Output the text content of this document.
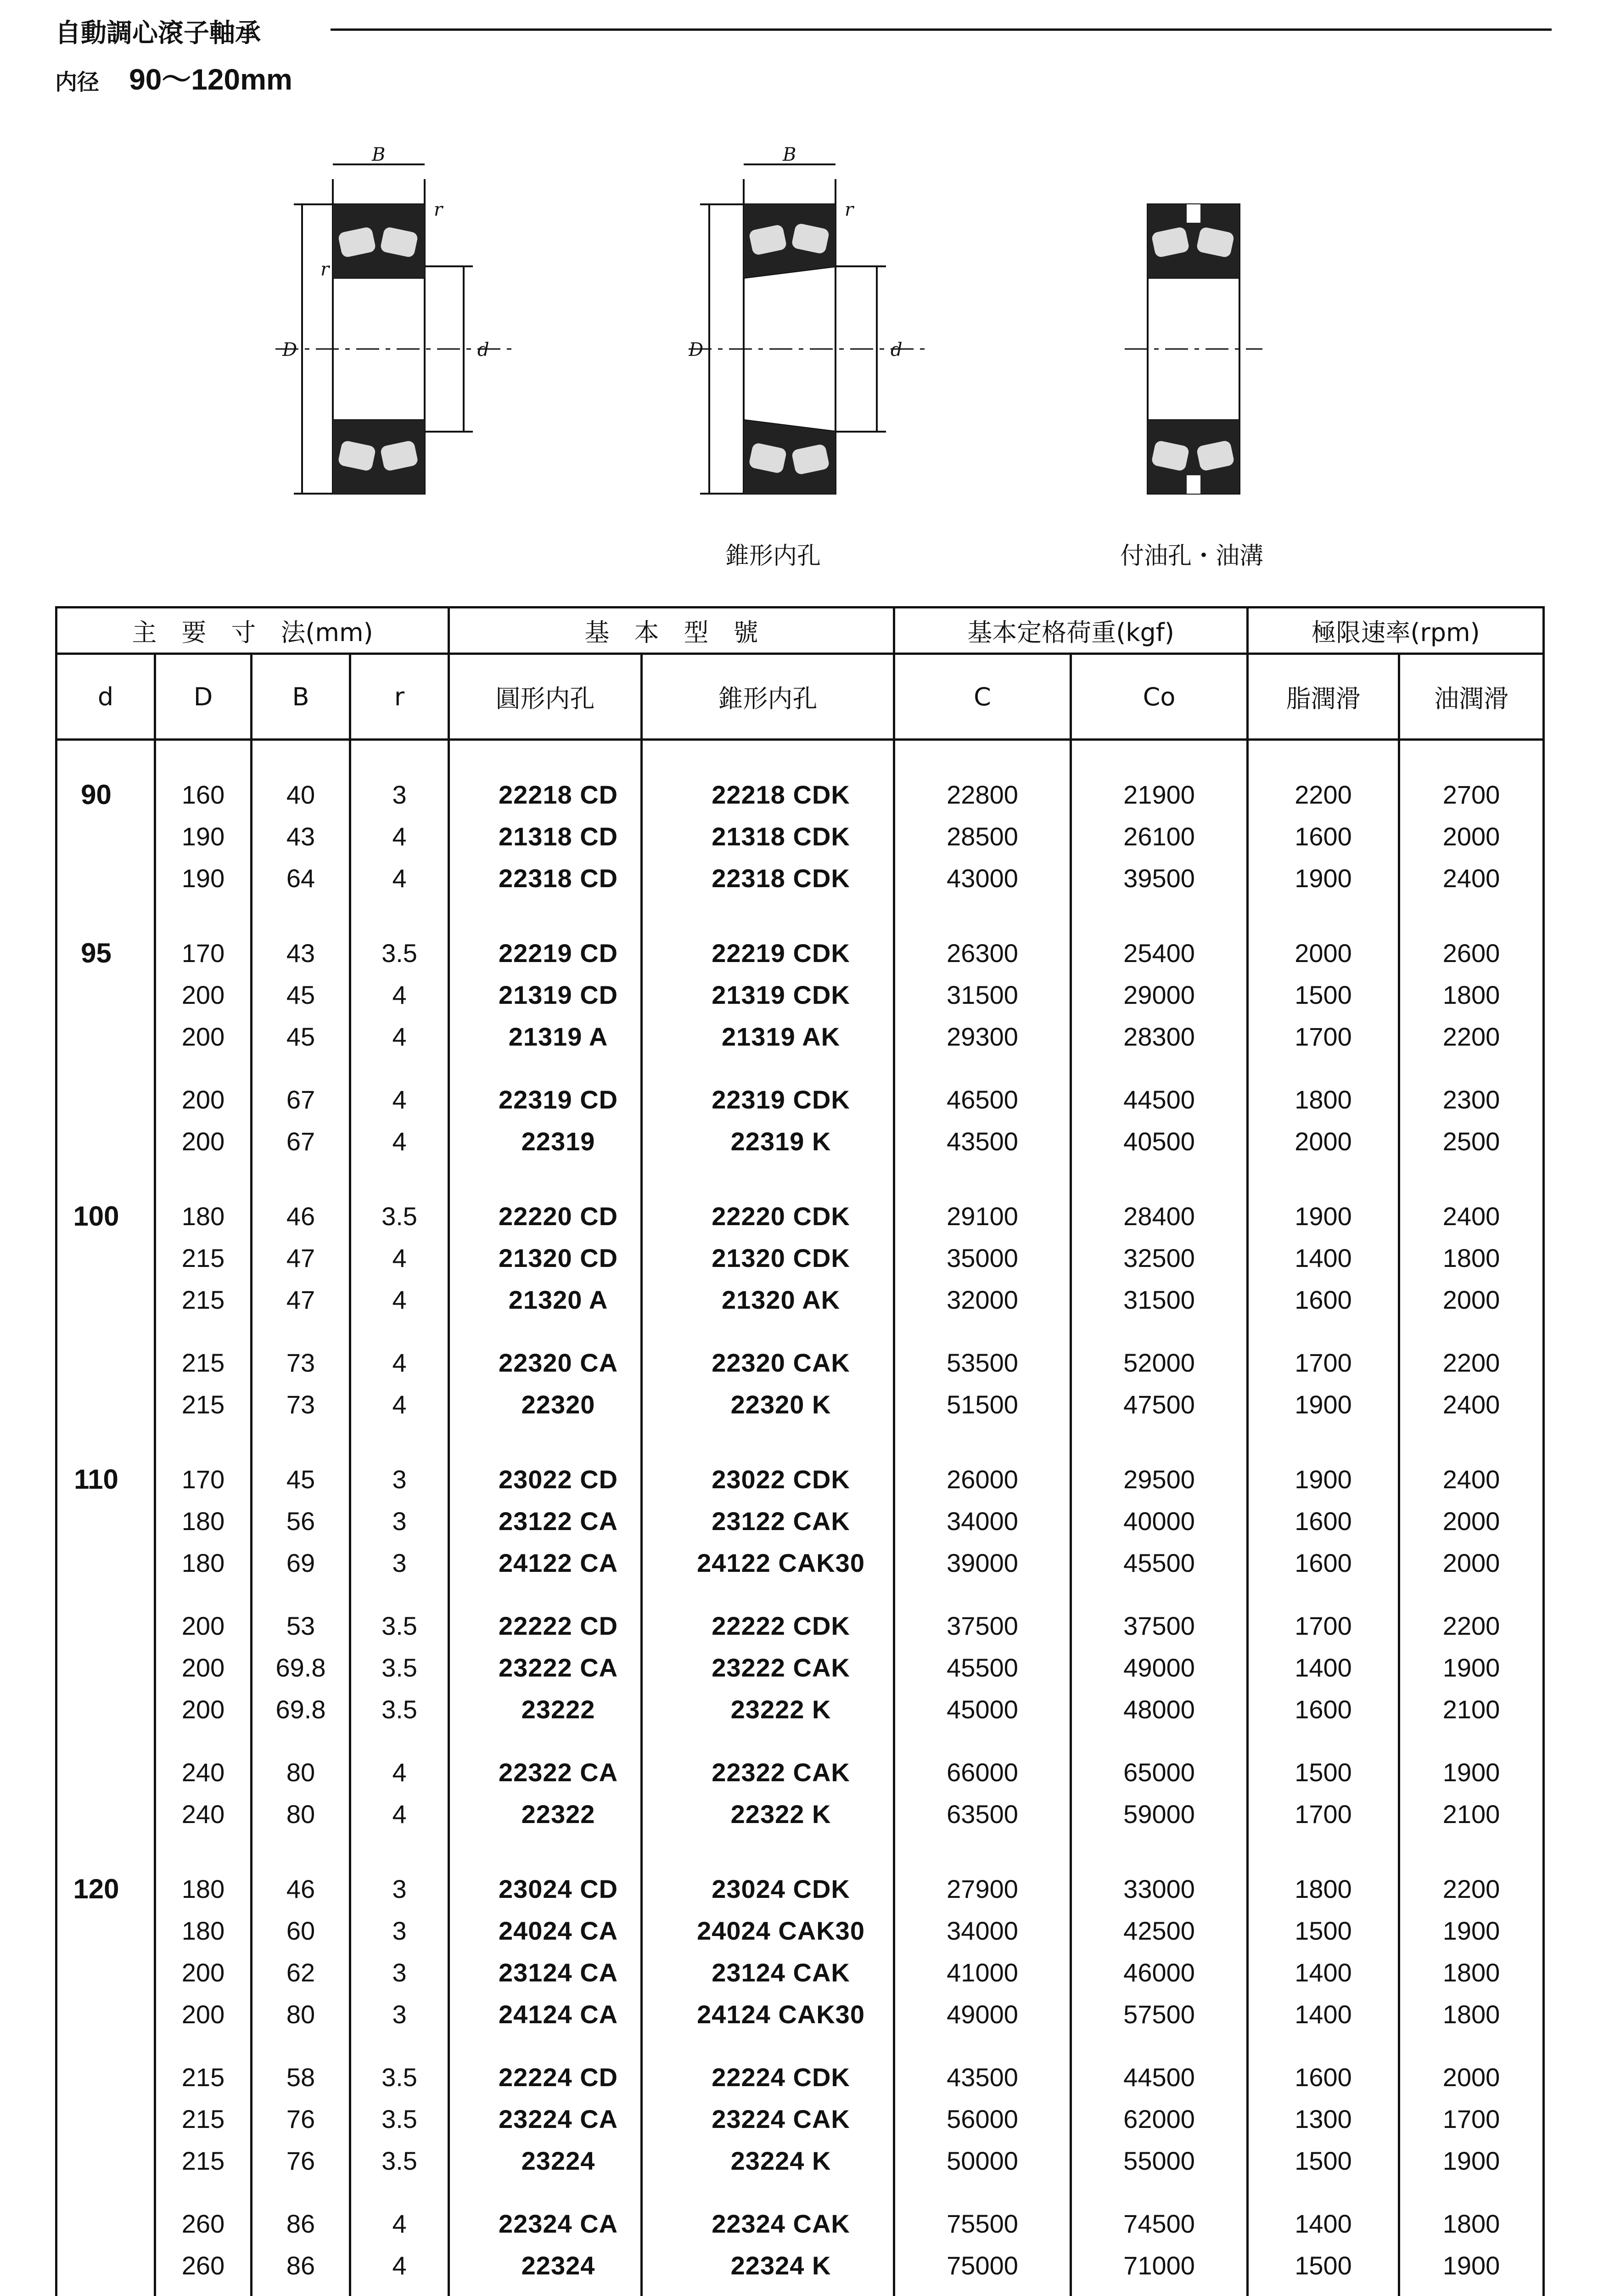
自動調心滾子軸承
内径 90～120mm
B
r
r
D	d
B
r
D	d
錐形内孔	付油孔・油溝
主　要　寸　法(mm)				基　本　型　號		基本定格荷重(kgf)		極限速率(rpm)	
d	D	B	r	圓形内孔	錐形内孔	C	Co	脂潤滑	油潤滑

90	160	40	3	22218 CD	22218 CDK	22800	21900	2200	2700
	190	43	4	21318 CD	21318 CDK	28500	26100	1600	2000
	190	64	4	22318 CD	22318 CDK	43000	39500	1900	2400

95	170	43	3.5	22219 CD	22219 CDK	26300	25400	2000	2600
	200	45	4	21319 CD	21319 CDK	31500	29000	1500	1800
	200	45	4	21319 A	21319 AK	29300	28300	1700	2200

	200	67	4	22319 CD	22319 CDK	46500	44500	1800	2300
	200	67	4	22319	22319 K	43500	40500	2000	2500

100	180	46	3.5	22220 CD	22220 CDK	29100	28400	1900	2400
	215	47	4	21320 CD	21320 CDK	35000	32500	1400	1800
	215	47	4	21320 A	21320 AK	32000	31500	1600	2000

	215	73	4	22320 CA	22320 CAK	53500	52000	1700	2200
	215	73	4	22320	22320 K	51500	47500	1900	2400

110	170	45	3	23022 CD	23022 CDK	26000	29500	1900	2400
	180	56	3	23122 CA	23122 CAK	34000	40000	1600	2000
	180	69	3	24122 CA	24122 CAK30	39000	45500	1600	2000

	200	53	3.5	22222 CD	22222 CDK	37500	37500	1700	2200
	200	69.8	3.5	23222 CA	23222 CAK	45500	49000	1400	1900
	200	69.8	3.5	23222	23222 K	45000	48000	1600	2100

	240	80	4	22322 CA	22322 CAK	66000	65000	1500	1900
	240	80	4	22322	22322 K	63500	59000	1700	2100

120	180	46	3	23024 CD	23024 CDK	27900	33000	1800	2200
	180	60	3	24024 CA	24024 CAK30	34000	42500	1500	1900
	200	62	3	23124 CA	23124 CAK	41000	46000	1400	1800
	200	80	3	24124 CA	24124 CAK30	49000	57500	1400	1800

	215	58	3.5	22224 CD	22224 CDK	43500	44500	1600	2000
	215	76	3.5	23224 CA	23224 CAK	56000	62000	1300	1700
	215	76	3.5	23224	23224 K	50000	55000	1500	1900

	260	86	4	22324 CA	22324 CAK	75500	74500	1400	1800
	260	86	4	22324	22324 K	75000	71000	1500	1900
